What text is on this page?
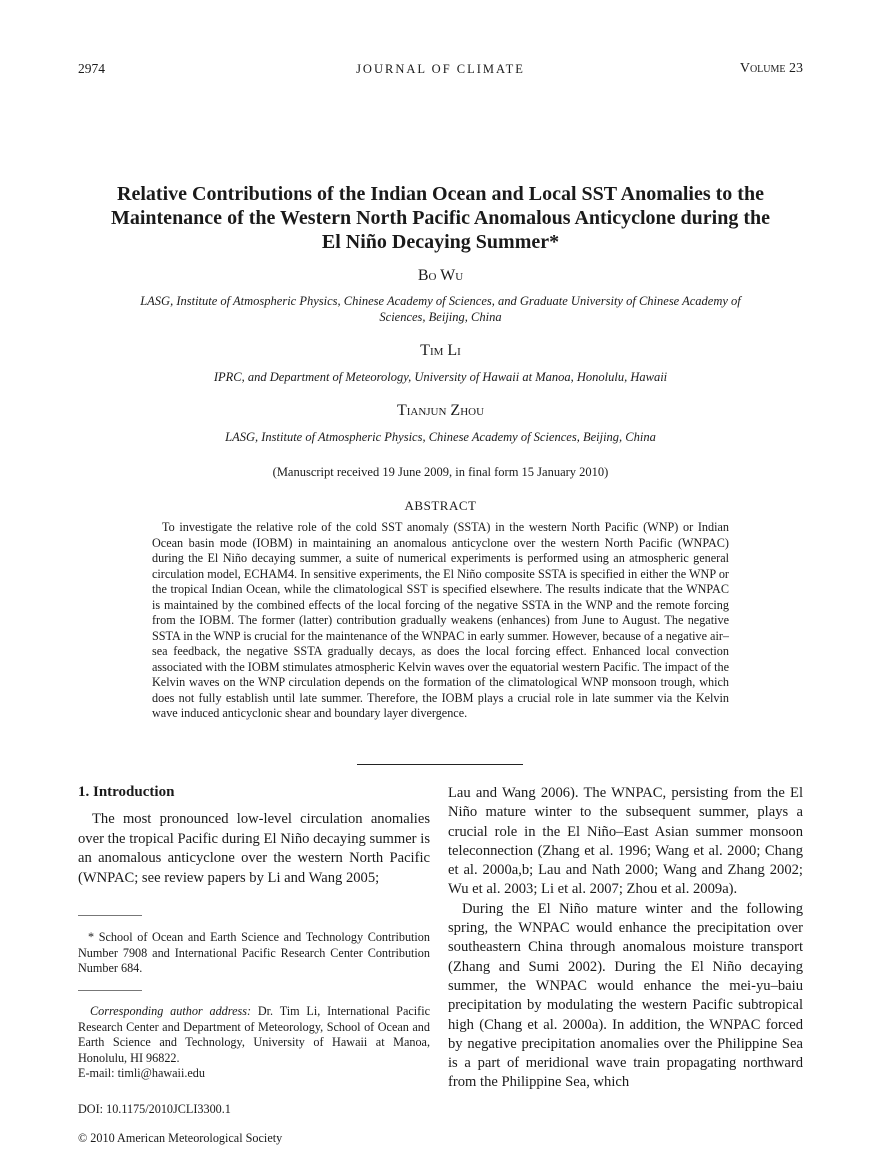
2974	JOURNAL OF CLIMATE	Volume 23
Relative Contributions of the Indian Ocean and Local SST Anomalies to the Maintenance of the Western North Pacific Anomalous Anticyclone during the El Niño Decaying Summer*
Bo Wu
LASG, Institute of Atmospheric Physics, Chinese Academy of Sciences, and Graduate University of Chinese Academy of Sciences, Beijing, China
Tim Li
IPRC, and Department of Meteorology, University of Hawaii at Manoa, Honolulu, Hawaii
Tianjun Zhou
LASG, Institute of Atmospheric Physics, Chinese Academy of Sciences, Beijing, China
(Manuscript received 19 June 2009, in final form 15 January 2010)
ABSTRACT

To investigate the relative role of the cold SST anomaly (SSTA) in the western North Pacific (WNP) or Indian Ocean basin mode (IOBM) in maintaining an anomalous anticyclone over the western North Pacific (WNPAC) during the El Niño decaying summer, a suite of numerical experiments is performed using an atmospheric general circulation model, ECHAM4. In sensitive experiments, the El Niño composite SSTA is specified in either the WNP or the tropical Indian Ocean, while the climatological SST is specified elsewhere. The results indicate that the WNPAC is maintained by the combined effects of the local forcing of the negative SSTA in the WNP and the remote forcing from the IOBM. The former (latter) contribution gradually weakens (enhances) from June to August. The negative SSTA in the WNP is crucial for the maintenance of the WNPAC in early summer. However, because of a negative air–sea feedback, the negative SSTA gradually decays, as does the local forcing effect. Enhanced local convection associated with the IOBM stimulates atmospheric Kelvin waves over the equatorial western Pacific. The impact of the Kelvin waves on the WNP circulation depends on the formation of the climatological WNP monsoon trough, which does not fully establish until late summer. Therefore, the IOBM plays a crucial role in late summer via the Kelvin wave induced anticyclonic shear and boundary layer divergence.

1. Introduction

The most pronounced low-level circulation anomalies over the tropical Pacific during El Niño decaying summer is an anomalous anticyclone over the western North Pacific (WNPAC; see review papers by Li and Wang 2005;

* School of Ocean and Earth Science and Technology Contribution Number 7908 and International Pacific Research Center Contribution Number 684.

Corresponding author address: Dr. Tim Li, International Pacific Research Center and Department of Meteorology, School of Ocean and Earth Science and Technology, University of Hawaii at Manoa, Honolulu, HI 96822.

E-mail: timli@hawaii.edu
DOI: 10.1175/2010JCLI3300.1
© 2010 American Meteorological Society

Lau and Wang 2006). The WNPAC, persisting from the El Niño mature winter to the subsequent summer, plays a crucial role in the El Niño–East Asian summer monsoon teleconnection (Zhang et al. 1996; Wang et al. 2000; Chang et al. 2000a,b; Lau and Nath 2000; Wang and Zhang 2002; Wu et al. 2003; Li et al. 2007; Zhou et al. 2009a).

During the El Niño mature winter and the following spring, the WNPAC would enhance the precipitation over southeastern China through anomalous moisture transport (Zhang and Sumi 2002). During the El Niño decaying summer, the WNPAC would enhance the mei-yu–baiu precipitation by modulating the western Pacific subtropical high (Chang et al. 2000a). In addition, the WNPAC forced by negative precipitation anomalies over the Philippine Sea is a part of meridional wave train propagating northward from the Philippine Sea, which
